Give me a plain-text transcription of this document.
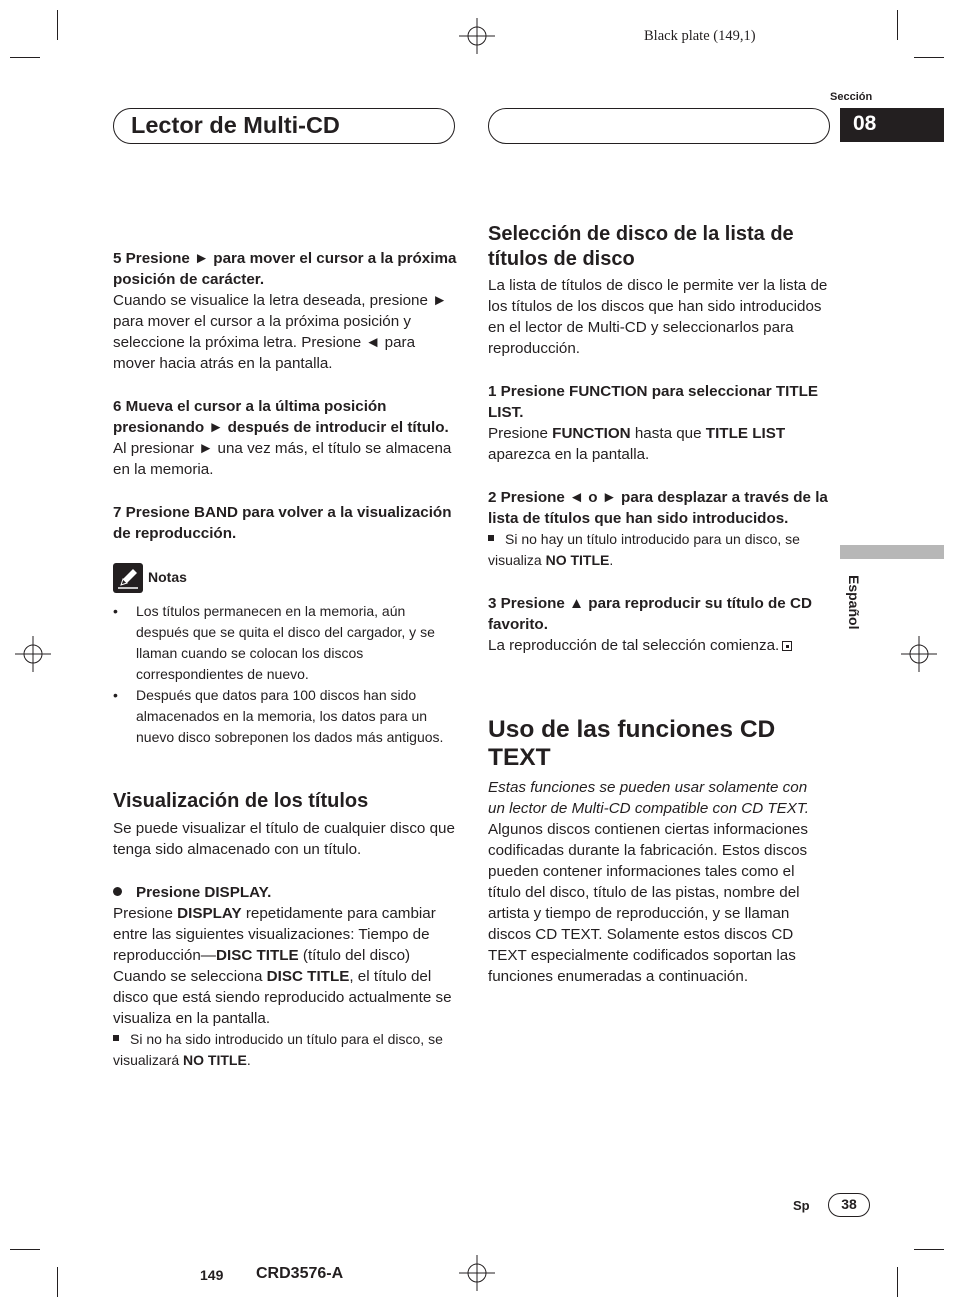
Black plate (149,1)
Sección
Lector de Multi-CD	08
Español

5 Presione ► para mover el cursor a la próxima posición de carácter.

Cuando se visualice la letra deseada, presione ► para mover el cursor a la próxima posición y seleccione la próxima letra. Presione ◄ para mover hacia atrás en la pantalla.

6 Mueva el cursor a la última posición presionando ► después de introducir el título.

Al presionar ► una vez más, el título se almacena en la memoria.

7 Presione BAND para volver a la visualización de reproducción.

Notas
• Los títulos permanecen en la memoria, aún después que se quita el disco del cargador, y se llaman cuando se colocan los discos correspondientes de nuevo.
• Después que datos para 100 discos han sido almacenados en la memoria, los datos para un nuevo disco sobreponen los dados más antiguos.

Visualización de los títulos

Se puede visualizar el título de cualquier disco que tenga sido almacenado con un título.

Presione DISPLAY.

Presione DISPLAY repetidamente para cambiar entre las siguientes visualizaciones: Tiempo de reproducción—DISC TITLE (título del disco)

Cuando se selecciona DISC TITLE, el título del disco que está siendo reproducido actualmente se visualiza en la pantalla.

Si no ha sido introducido un título para el disco, se visualizará NO TITLE.

Selección de disco de la lista de títulos de disco

La lista de títulos de disco le permite ver la lista de los títulos de los discos que han sido introducidos en el lector de Multi-CD y seleccionarlos para reproducción.

1 Presione FUNCTION para seleccionar TITLE LIST.

Presione FUNCTION hasta que TITLE LIST aparezca en la pantalla.

2 Presione ◄ o ► para desplazar a través de la lista de títulos que han sido introducidos.

Si no hay un título introducido para un disco, se visualiza NO TITLE.

3 Presione ▲ para reproducir su título de CD favorito.

La reproducción de tal selección comienza.

Uso de las funciones CD TEXT

Estas funciones se pueden usar solamente con un lector de Multi-CD compatible con CD TEXT.

Algunos discos contienen ciertas informaciones codificadas durante la fabricación. Estos discos pueden contener informaciones tales como el título del disco, título de las pistas, nombre del artista y tiempo de reproducción, y se llaman discos CD TEXT. Solamente estos discos CD TEXT especialmente codificados soportan las funciones enumeradas a continuación.

Sp	38
149 CRD3576-A
